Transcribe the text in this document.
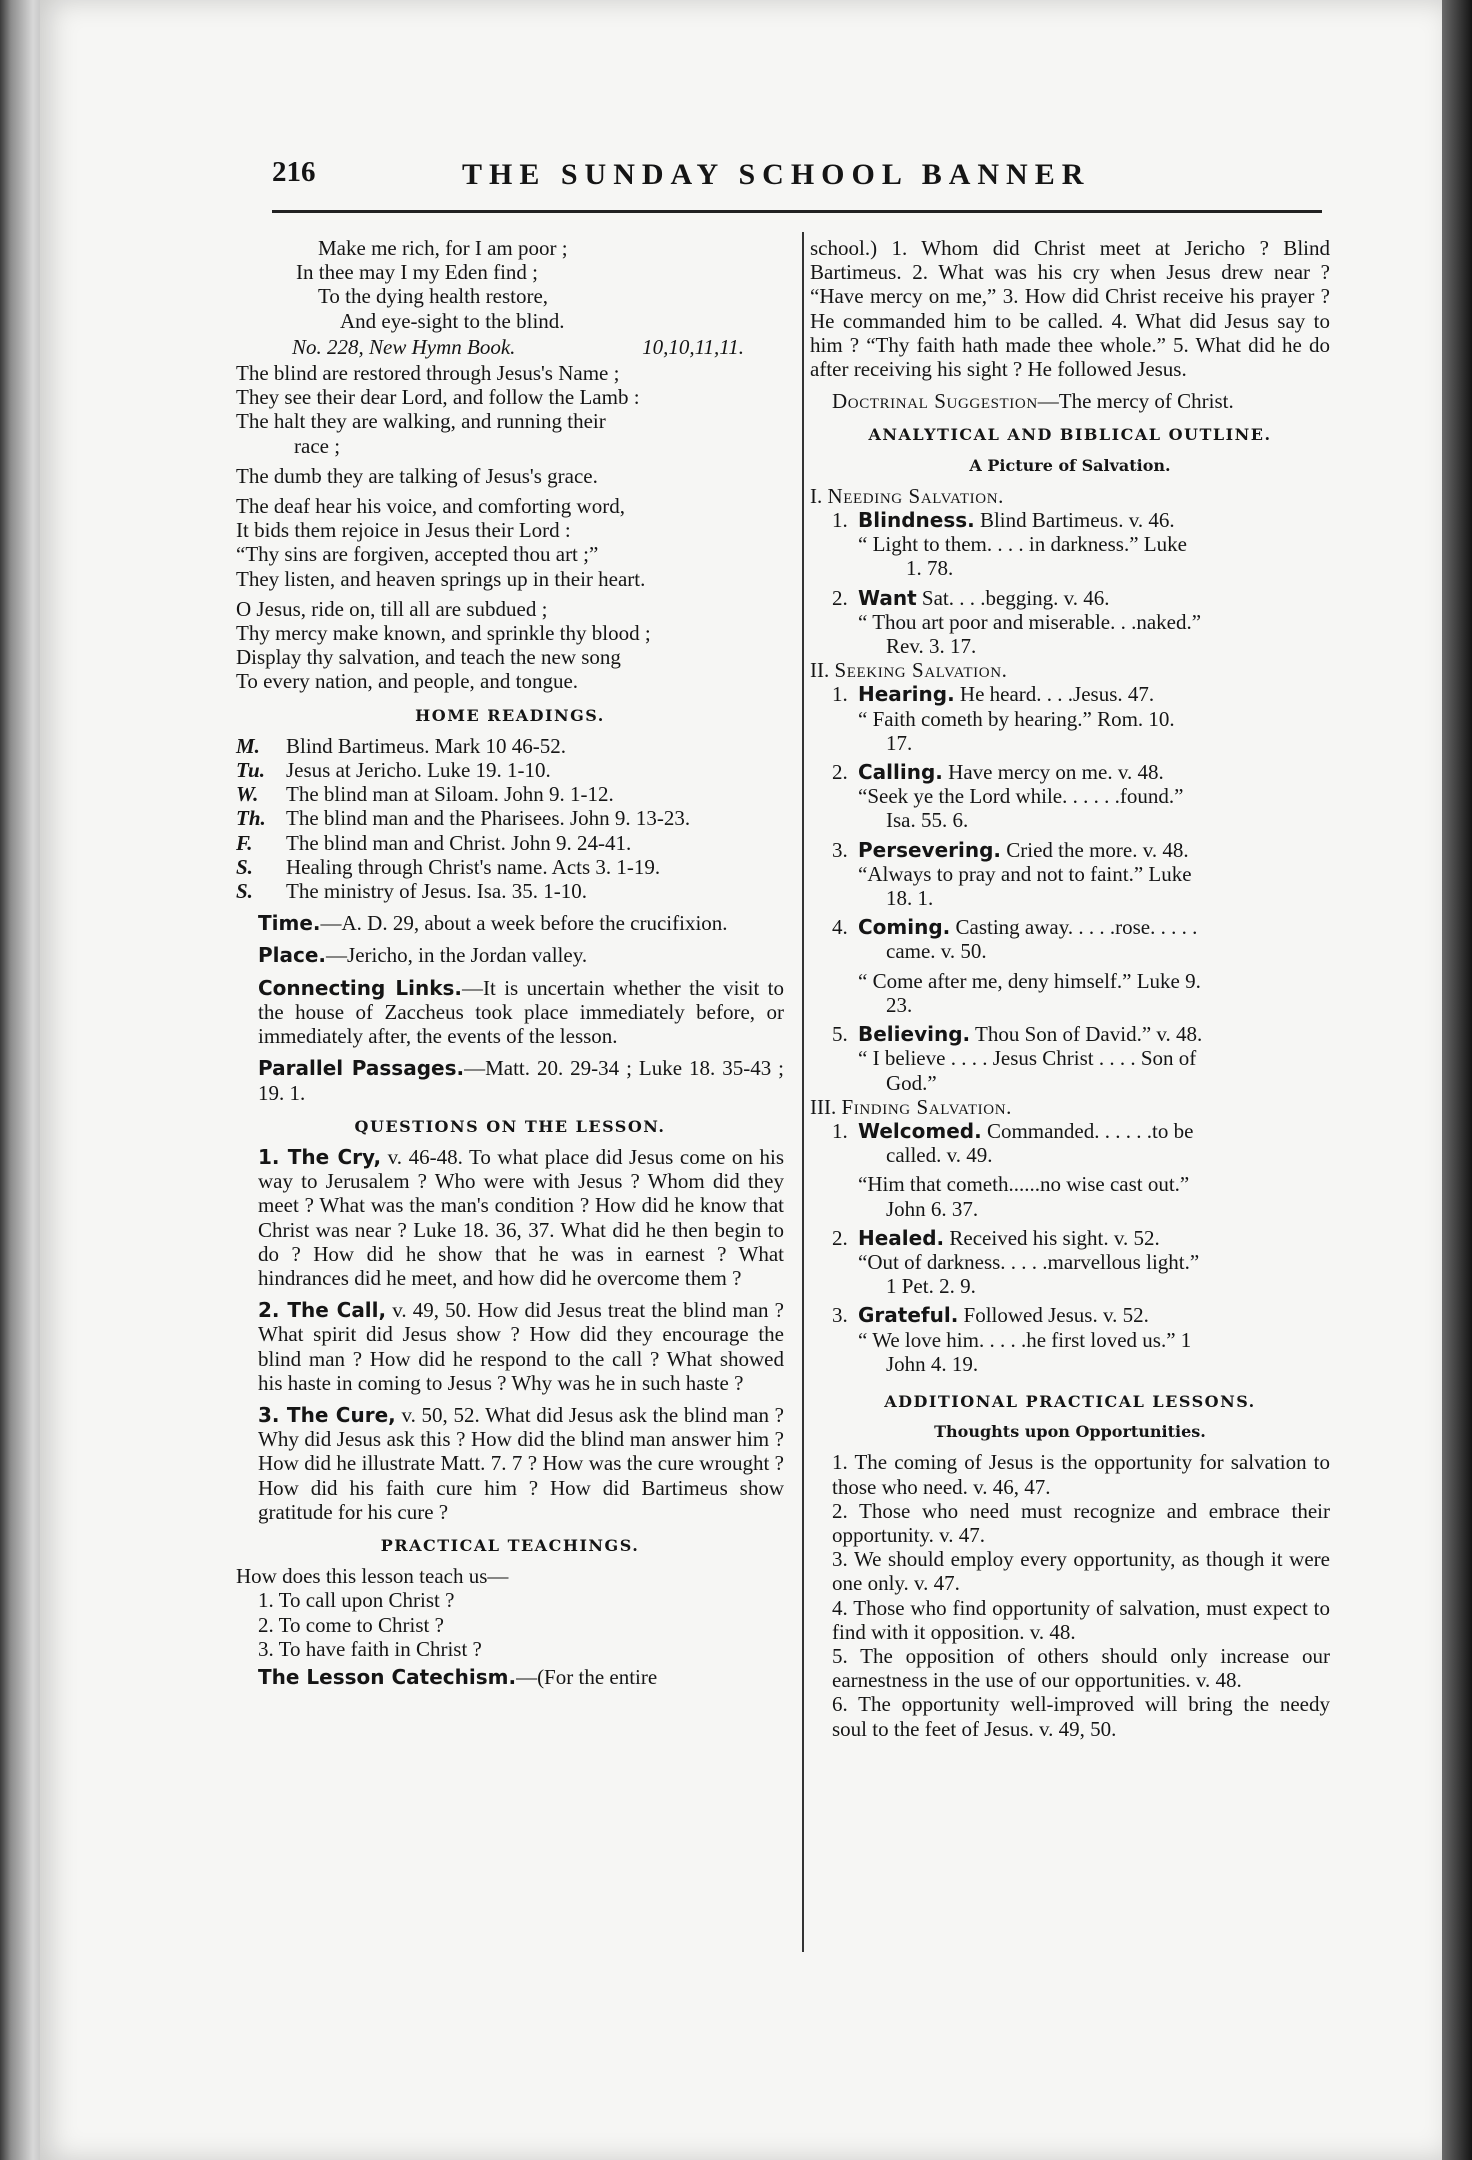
216	THE SUNDAY SCHOOL BANNER

Make me rich, for I am poor ;

In thee may I my Eden find ;

To the dying health restore,

And eye-sight to the blind.

No. 228, New Hymn Book.	10,10,11,11.

The blind are restored through Jesus's Name ;

They see their dear Lord, and follow the Lamb :

The halt they are walking, and running their

race ;

The dumb they are talking of Jesus's grace.

The deaf hear his voice, and comforting word,

It bids them rejoice in Jesus their Lord :

“Thy sins are forgiven, accepted thou art ;”

They listen, and heaven springs up in their heart.

O Jesus, ride on, till all are subdued ;

Thy mercy make known, and sprinkle thy blood ;

Display thy salvation, and teach the new song

To every nation, and people, and tongue.

HOME READINGS.
M.	Blind Bartimeus. Mark 10 46-52.
Tu.	Jesus at Jericho. Luke 19. 1-10.
W.	The blind man at Siloam. John 9. 1-12.
Th. The blind man and the Pharisees. John 9. 13-23.
F.	The blind man and Christ. John 9. 24-41.
S.	Healing through Christ's name. Acts 3. 1-19.
S.	The ministry of Jesus. Isa. 35. 1-10.

Time.—A. D. 29, about a week before the crucifixion.

Place.—Jericho, in the Jordan valley.

Connecting Links.—It is uncertain whether the visit to the house of Zaccheus took place immediately before, or immediately after, the events of the lesson.

Parallel Passages.—Matt. 20. 29-34 ; Luke 18. 35-43 ; 19. 1.

QUESTIONS ON THE LESSON.

1. The Cry, v. 46-48. To what place did Jesus come on his way to Jerusalem ? Who were with Jesus ? Whom did they meet ? What was the man's condition ? How did he know that Christ was near ? Luke 18. 36, 37. What did he then begin to do ? How did he show that he was in earnest ? What hindrances did he meet, and how did he overcome them ?

2. The Call, v. 49, 50. How did Jesus treat the blind man ? What spirit did Jesus show ? How did they encourage the blind man ? How did he respond to the call ? What showed his haste in coming to Jesus ? Why was he in such haste ?

3. The Cure, v. 50, 52. What did Jesus ask the blind man ? Why did Jesus ask this ? How did the blind man answer him ? How did he illustrate Matt. 7. 7 ? How was the cure wrought ? How did his faith cure him ? How did Bartimeus show gratitude for his cure ?

PRACTICAL TEACHINGS.

How does this lesson teach us—

1. To call upon Christ ?

2. To come to Christ ?

3. To have faith in Christ ?

The Lesson Catechism.—(For the entire

school.) 1. Whom did Christ meet at Jericho ? Blind Bartimeus. 2. What was his cry when Jesus drew near ? “Have mercy on me,” 3. How did Christ receive his prayer ? He commanded him to be called. 4. What did Jesus say to him ? “Thy faith hath made thee whole.” 5. What did he do after receiving his sight ? He followed Jesus.

Doctrinal Suggestion—The mercy of Christ.

ANALYTICAL AND BIBLICAL OUTLINE.
A Picture of Salvation.

I. Needing Salvation.

1. Blindness. Blind Bartimeus. v. 46.

“ Light to them. . . . in darkness.” Luke

1. 78.

2. Want Sat. . . .begging. v. 46.

“ Thou art poor and miserable. . .naked.”

Rev. 3. 17.

II. Seeking Salvation.

1. Hearing. He heard. . . .Jesus. 47.

“ Faith cometh by hearing.” Rom. 10.

17.

2. Calling. Have mercy on me. v. 48.

“Seek ye the Lord while. . . . . .found.”

Isa. 55. 6.

3. Persevering. Cried the more. v. 48.

“Always to pray and not to faint.” Luke

18. 1.

4. Coming. Casting away. . . . .rose. . . . .

came. v. 50.

“ Come after me, deny himself.” Luke 9.

23.

5. Believing. Thou Son of David.” v. 48.

“ I believe . . . . Jesus Christ . . . . Son of

God.”

III. Finding Salvation.

1. Welcomed. Commanded. . . . . .to be

called. v. 49.

“Him that cometh......no wise cast out.”

John 6. 37.

2. Healed. Received his sight. v. 52.

“Out of darkness. . . . .marvellous light.”

1 Pet. 2. 9.

3. Grateful. Followed Jesus. v. 52.

“ We love him. . . . .he first loved us.” 1

John 4. 19.

ADDITIONAL PRACTICAL LESSONS.
Thoughts upon Opportunities.

1. The coming of Jesus is the opportunity for salvation to those who need. v. 46, 47.

2. Those who need must recognize and embrace their opportunity. v. 47.

3. We should employ every opportunity, as though it were one only. v. 47.

4. Those who find opportunity of salvation, must expect to find with it opposition. v. 48.

5. The opposition of others should only increase our earnestness in the use of our opportunities. v. 48.

6. The opportunity well-improved will bring the needy soul to the feet of Jesus. v. 49, 50.
